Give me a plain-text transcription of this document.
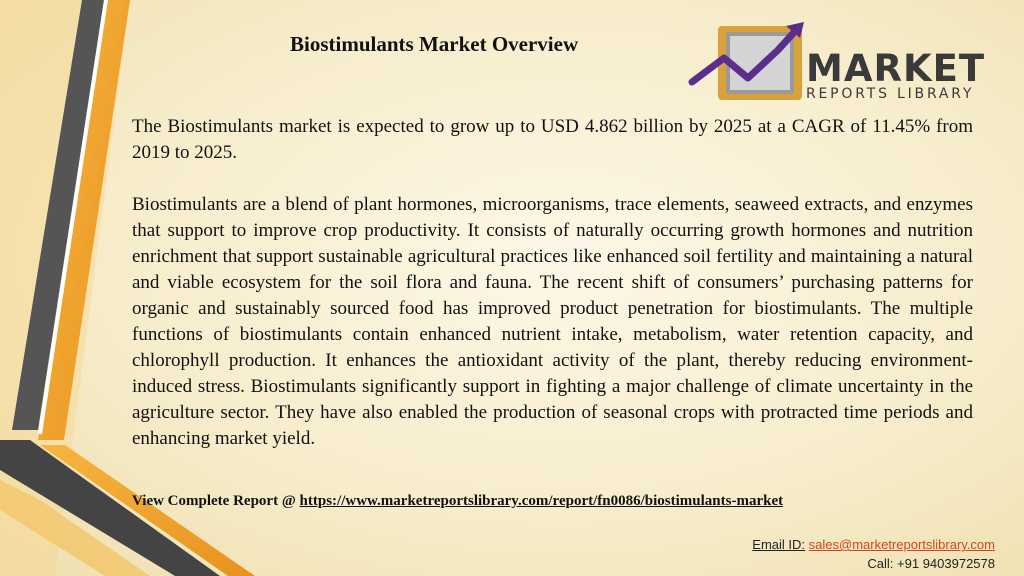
Biostimulants Market Overview
MARKET
REPORTS LIBRARY

The Biostimulants market is expected to grow up to USD 4.862 billion by 2025 at a CAGR of 11.45% from 2019 to 2025.

Biostimulants are a blend of plant hormones, microorganisms, trace elements, seaweed extracts, and enzymes that support to improve crop productivity. It consists of naturally occurring growth hormones and nutrition enrichment that support sustainable agricultural practices like enhanced soil fertility and maintaining a natural and viable ecosystem for the soil flora and fauna. The recent shift of consumers’ purchasing patterns for organic and sustainably sourced food has improved product penetration for biostimulants. The multiple functions of biostimulants contain enhanced nutrient intake, metabolism, water retention capacity, and chlorophyll production. It enhances the antioxidant activity of the plant, thereby reducing environment-induced stress. Biostimulants significantly support in fighting a major challenge of climate uncertainty in the agriculture sector. They have also enabled the production of seasonal crops with protracted time periods and enhancing market yield.

View Complete Report @ https://www.marketreportslibrary.com/report/fn0086/biostimulants-market
Email ID: sales@marketreportslibrary.com
Call: +91 9403972578
